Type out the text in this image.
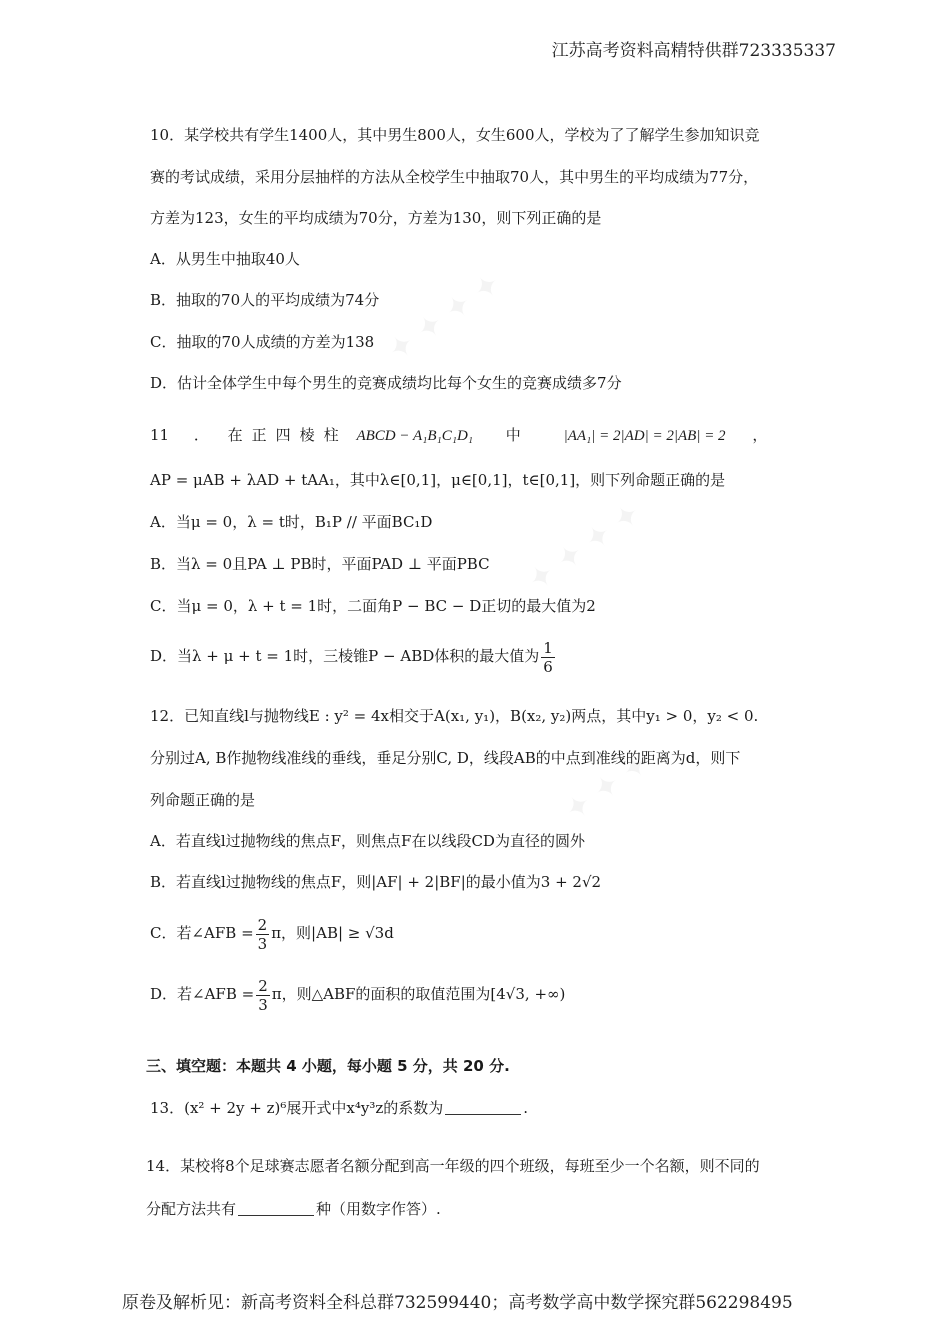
✦ ✦ ✦ ✦
✦ ✦ ✦ ✦
✦ ✦ ✦
江苏高考资料高精特供群723335337
10．某学校共有学生1400人，其中男生800人，女生600人，学校为了了解学生参加知识竞
赛的考试成绩，采用分层抽样的方法从全校学生中抽取70人，其中男生的平均成绩为77分，
方差为123，女生的平均成绩为70分，方差为130，则下列正确的是
A．从男生中抽取40人
B．抽取的70人的平均成绩为74分
C．抽取的70人成绩的方差为138
D．估计全体学生中每个男生的竞赛成绩均比每个女生的竞赛成绩多7分
11 ． 在正四棱柱 ABCD − A₁B₁C₁D₁ 中	|AA₁| = 2|AD| = 2|AB| = 2 ，
AP = μAB + λAD + tAA₁，其中λ∈[0,1]，μ∈[0,1]，t∈[0,1]，则下列命题正确的是
A．当μ = 0，λ = t时，B₁P // 平面BC₁D
B．当λ = 0且PA ⊥ PB时，平面PAD ⊥ 平面PBC
C．当μ = 0，λ + t = 1时，二面角P − BC − D正切的最大值为2
D．当λ + μ + t = 1时，三棱锥P − ABD体积的最大值为 $\frac{1}{6}$
12．已知直线l与抛物线E : y² = 4x相交于A(x₁, y₁)，B(x₂, y₂)两点，其中y₁ > 0，y₂ < 0.
分别过A, B作抛物线准线的垂线，垂足分别C, D，线段AB的中点到准线的距离为d，则下
列命题正确的是
A．若直线l过抛物线的焦点F，则焦点F在以线段CD为直径的圆外
B．若直线l过抛物线的焦点F，则|AF| + 2|BF|的最小值为3 + 2√2
C．若∠AFB = $\frac{2}{3}$ π，则|AB| ≥ √3d
D．若∠AFB = $\frac{2}{3}$ π，则△ABF的面积的取值范围为[4√3, +∞)
三、填空题：本题共 4 小题，每小题 5 分，共 20 分.
13．(x² + 2y + z)⁶展开式中x⁴y³z的系数为	.
14．某校将8个足球赛志愿者名额分配到高一年级的四个班级，每班至少一个名额，则不同的
分配方法共有	种（用数字作答）.
原卷及解析见：新高考资料全科总群732599440；高考数学高中数学探究群562298495
